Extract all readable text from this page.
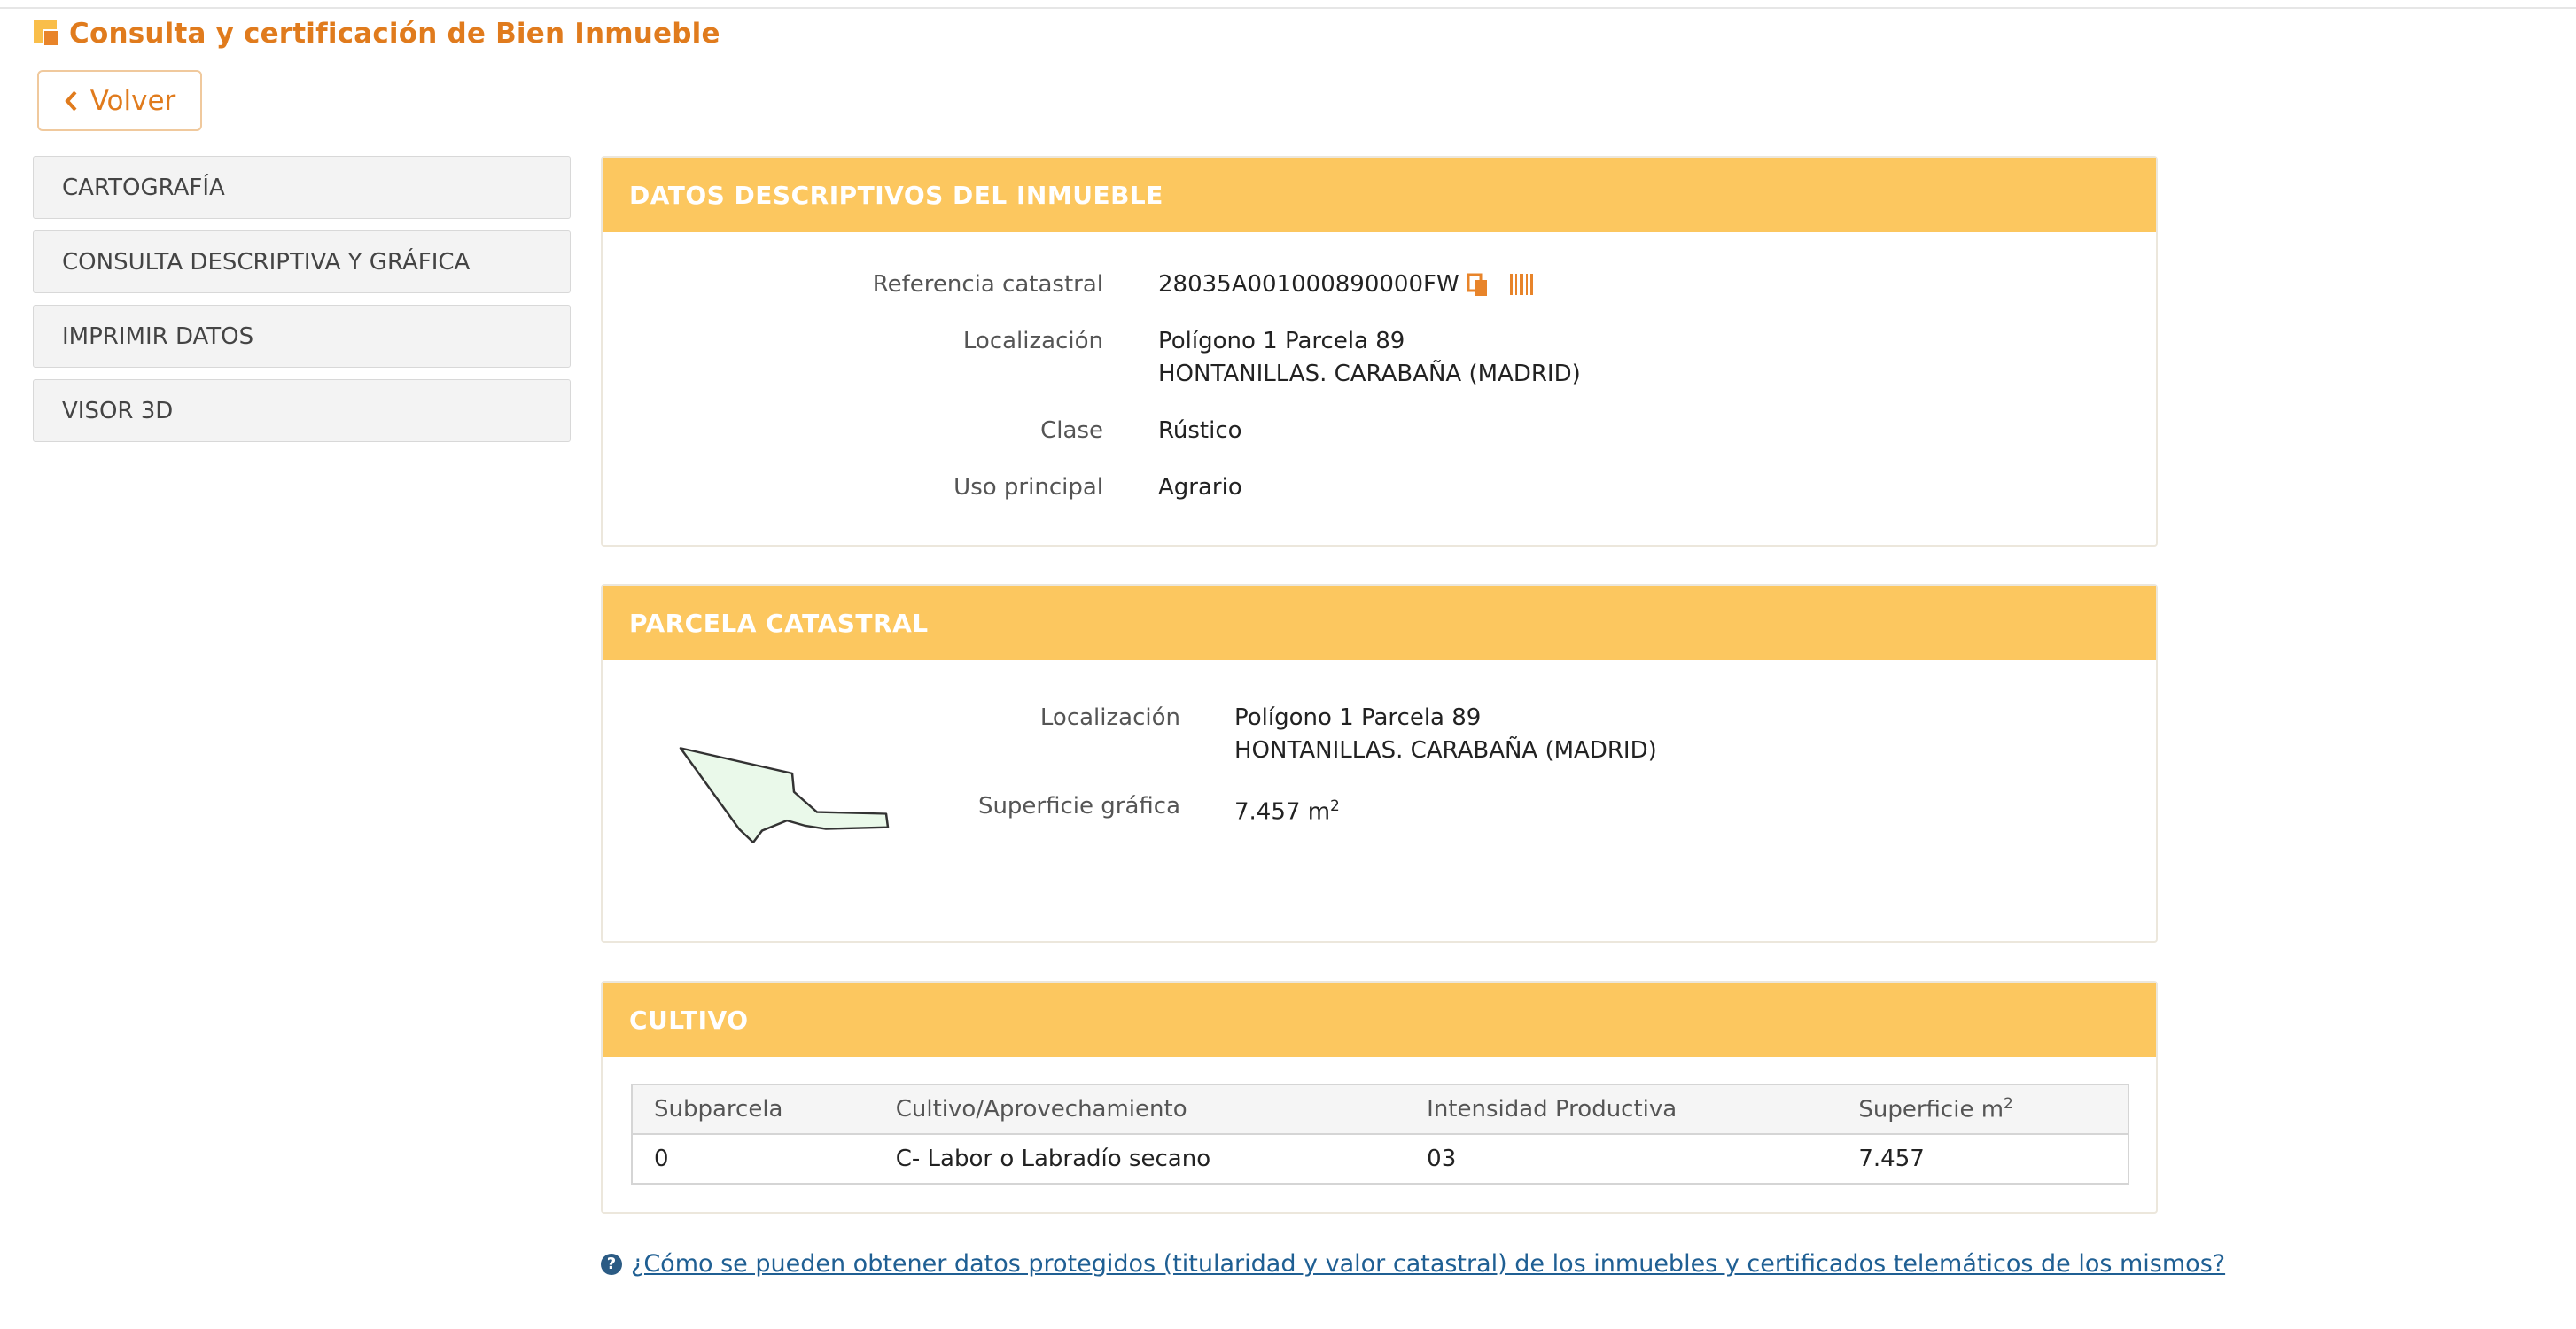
Consulta y certificación de Bien Inmueble
Volver
CARTOGRAFÍA
CONSULTA DESCRIPTIVA Y GRÁFICA
IMPRIMIR DATOS
VISOR 3D
DATOS DESCRIPTIVOS DEL INMUEBLE
Referencia catastral 28035A001000890000FW
Localización Polígono 1 Parcela 89
HONTANILLAS. CARABAÑA (MADRID)
Clase Rústico
Uso principal Agrario
PARCELA CATASTRAL
Localización Polígono 1 Parcela 89
HONTANILLAS. CARABAÑA (MADRID)
Superficie gráfica 7.457 $m^2$
CULTIVO
Subparcela	Cultivo/Aprovechamiento	Intensidad Productiva	Superficie $m^2$
0	C- Labor o Labradío secano	03	7.457
? ¿Cómo se pueden obtener datos protegidos (titularidad y valor catastral) de los inmuebles y certificados telemáticos de los mismos?
